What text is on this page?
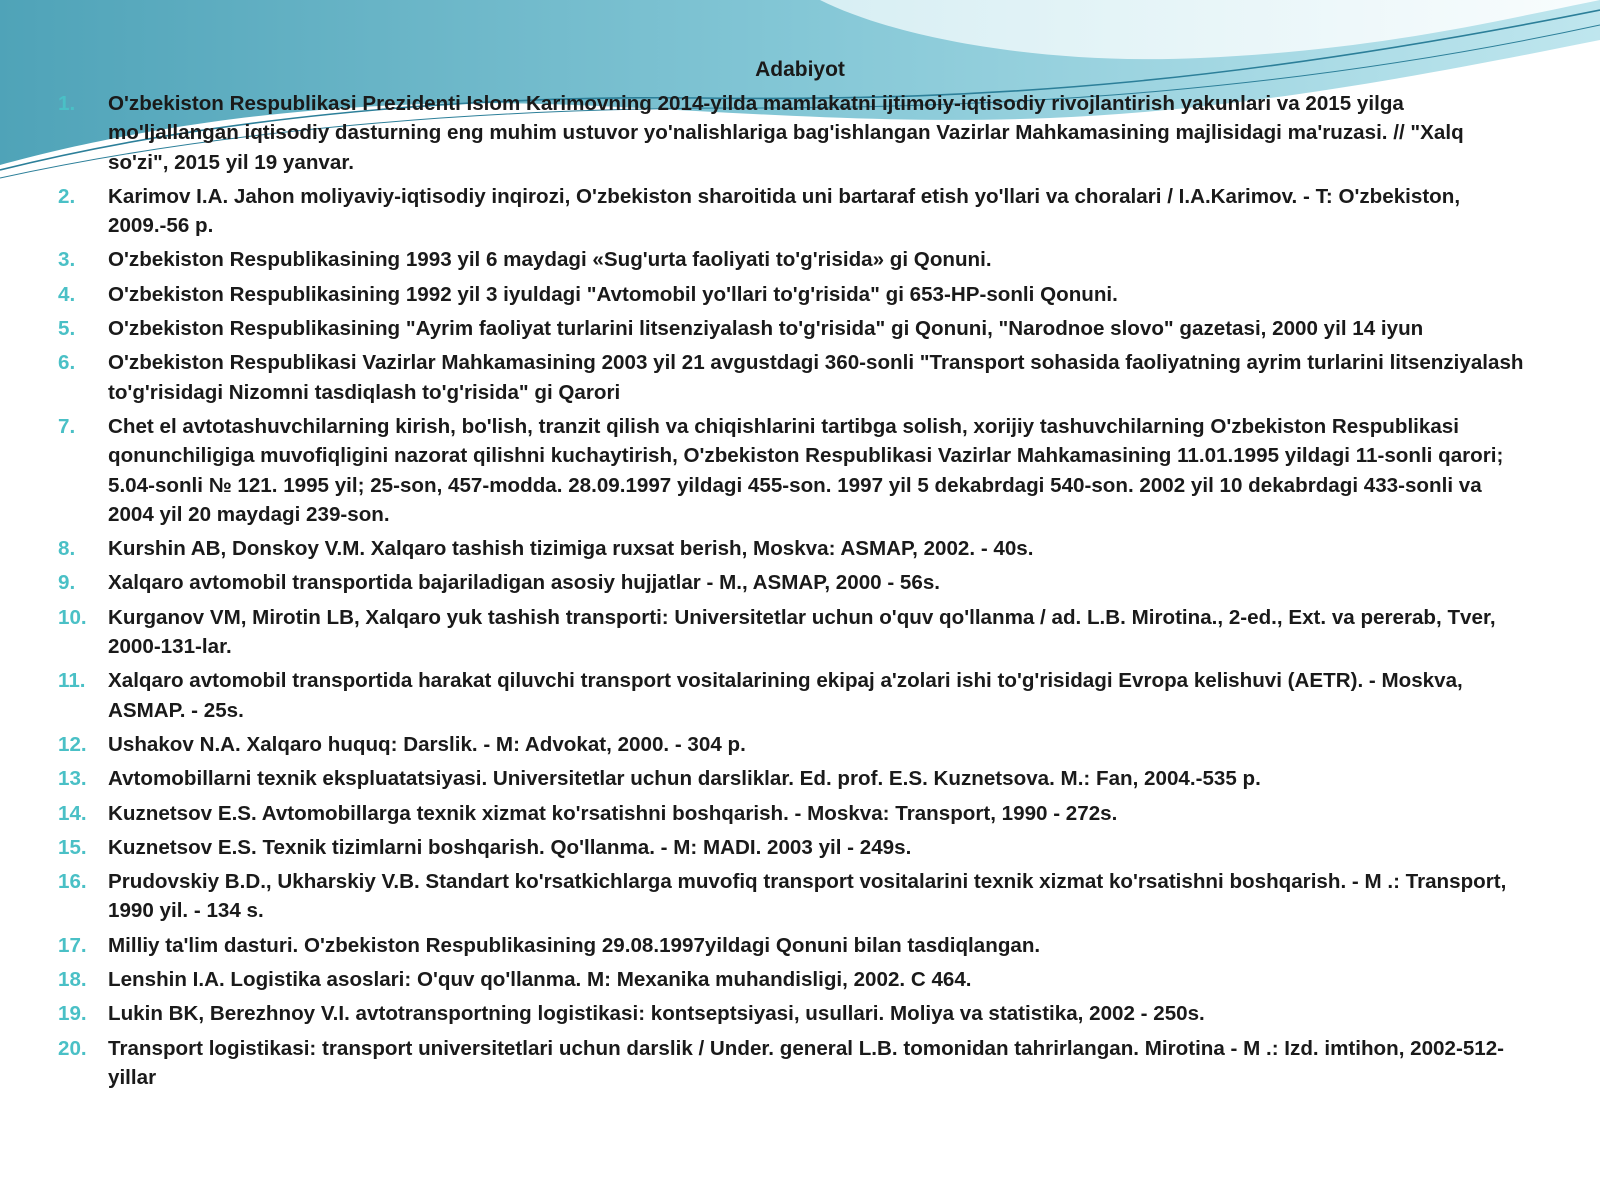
Adabiyot
1. O'zbekiston Respublikasi Prezidenti Islom Karimovning 2014-yilda mamlakatni ijtimoiy-iqtisodiy rivojlantirish yakunlari va 2015 yilga mo'ljallangan iqtisodiy dasturning eng muhim ustuvor yo'nalishlariga bag'ishlangan Vazirlar Mahkamasining majlisidagi ma'ruzasi. // "Xalq so'zi", 2015 yil 19 yanvar.
2. Karimov I.A. Jahon moliyaviy-iqtisodiy inqirozi, O'zbekiston sharoitida uni bartaraf etish yo'llari va choralari / I.A.Karimov. - T: O'zbekiston, 2009.-56 p.
3. O'zbekiston Respublikasining 1993 yil 6 maydagi «Sug'urta faoliyati to'g'risida» gi Qonuni.
4. O'zbekiston Respublikasining 1992 yil 3 iyuldagi "Avtomobil yo'llari to'g'risida" gi 653-HP-sonli Qonuni.
5. O'zbekiston Respublikasining "Ayrim faoliyat turlarini litsenziyalash to'g'risida" gi Qonuni, "Narodnoe slovo" gazetasi, 2000 yil 14 iyun
6. O'zbekiston Respublikasi Vazirlar Mahkamasining 2003 yil 21 avgustdagi 360-sonli "Transport sohasida faoliyatning ayrim turlarini litsenziyalash to'g'risidagi Nizomni tasdiqlash to'g'risida" gi Qarori
7. Chet el avtotashuvchilarning kirish, bo'lish, tranzit qilish va chiqishlarini tartibga solish, xorijiy tashuvchilarning O'zbekiston Respublikasi qonunchiligiga muvofiqligini nazorat qilishni kuchaytirish, O'zbekiston Respublikasi Vazirlar Mahkamasining 11.01.1995 yildagi 11-sonli qarori; 5.04-sonli № 121. 1995 yil; 25-son, 457-modda. 28.09.1997 yildagi 455-son. 1997 yil 5 dekabrdagi 540-son. 2002 yil 10 dekabrdagi 433-sonli va 2004 yil 20 maydagi 239-son.
8. Kurshin AB, Donskoy V.M. Xalqaro tashish tizimiga ruxsat berish, Moskva: ASMAP, 2002. - 40s.
9. Xalqaro avtomobil transportida bajariladigan asosiy hujjatlar - M., ASMAP, 2000 - 56s.
10. Kurganov VM, Mirotin LB, Xalqaro yuk tashish transporti: Universitetlar uchun o'quv qo'llanma / ad. L.B. Mirotina., 2-ed., Ext. va pererab, Tver, 2000-131-lar.
11. Xalqaro avtomobil transportida harakat qiluvchi transport vositalarining ekipaj a'zolari ishi to'g'risidagi Evropa kelishuvi (AETR). - Moskva, ASMAP. - 25s.
12. Ushakov N.A. Xalqaro huquq: Darslik. - M: Advokat, 2000. - 304 p.
13. Avtomobillarni texnik ekspluatatsiyasi. Universitetlar uchun darsliklar. Ed. prof. E.S. Kuznetsova. M.: Fan, 2004.-535 p.
14. Kuznetsov E.S. Avtomobillarga texnik xizmat ko'rsatishni boshqarish. - Moskva: Transport, 1990 - 272s.
15. Kuznetsov E.S. Texnik tizimlarni boshqarish. Qo'llanma. - M: MADI. 2003 yil - 249s.
16. Prudovskiy B.D., Ukharskiy V.B. Standart ko'rsatkichlarga muvofiq transport vositalarini texnik xizmat ko'rsatishni boshqarish. - M .: Transport, 1990 yil. - 134 s.
17. Milliy ta'lim dasturi. O'zbekiston Respublikasining 29.08.1997yildagi Qonuni bilan tasdiqlangan.
18. Lenshin I.A. Logistika asoslari: O'quv qo'llanma. M: Mexanika muhandisligi, 2002. C 464.
19. Lukin BK, Berezhnoy V.I. avtotransportning logistikasi: kontseptsiyasi, usullari. Moliya va statistika, 2002 - 250s.
20. Transport logistikasi: transport universitetlari uchun darslik / Under. general L.B. tomonidan tahrirlangan. Mirotina - M .: Izd. imtihon, 2002-512-yillar
